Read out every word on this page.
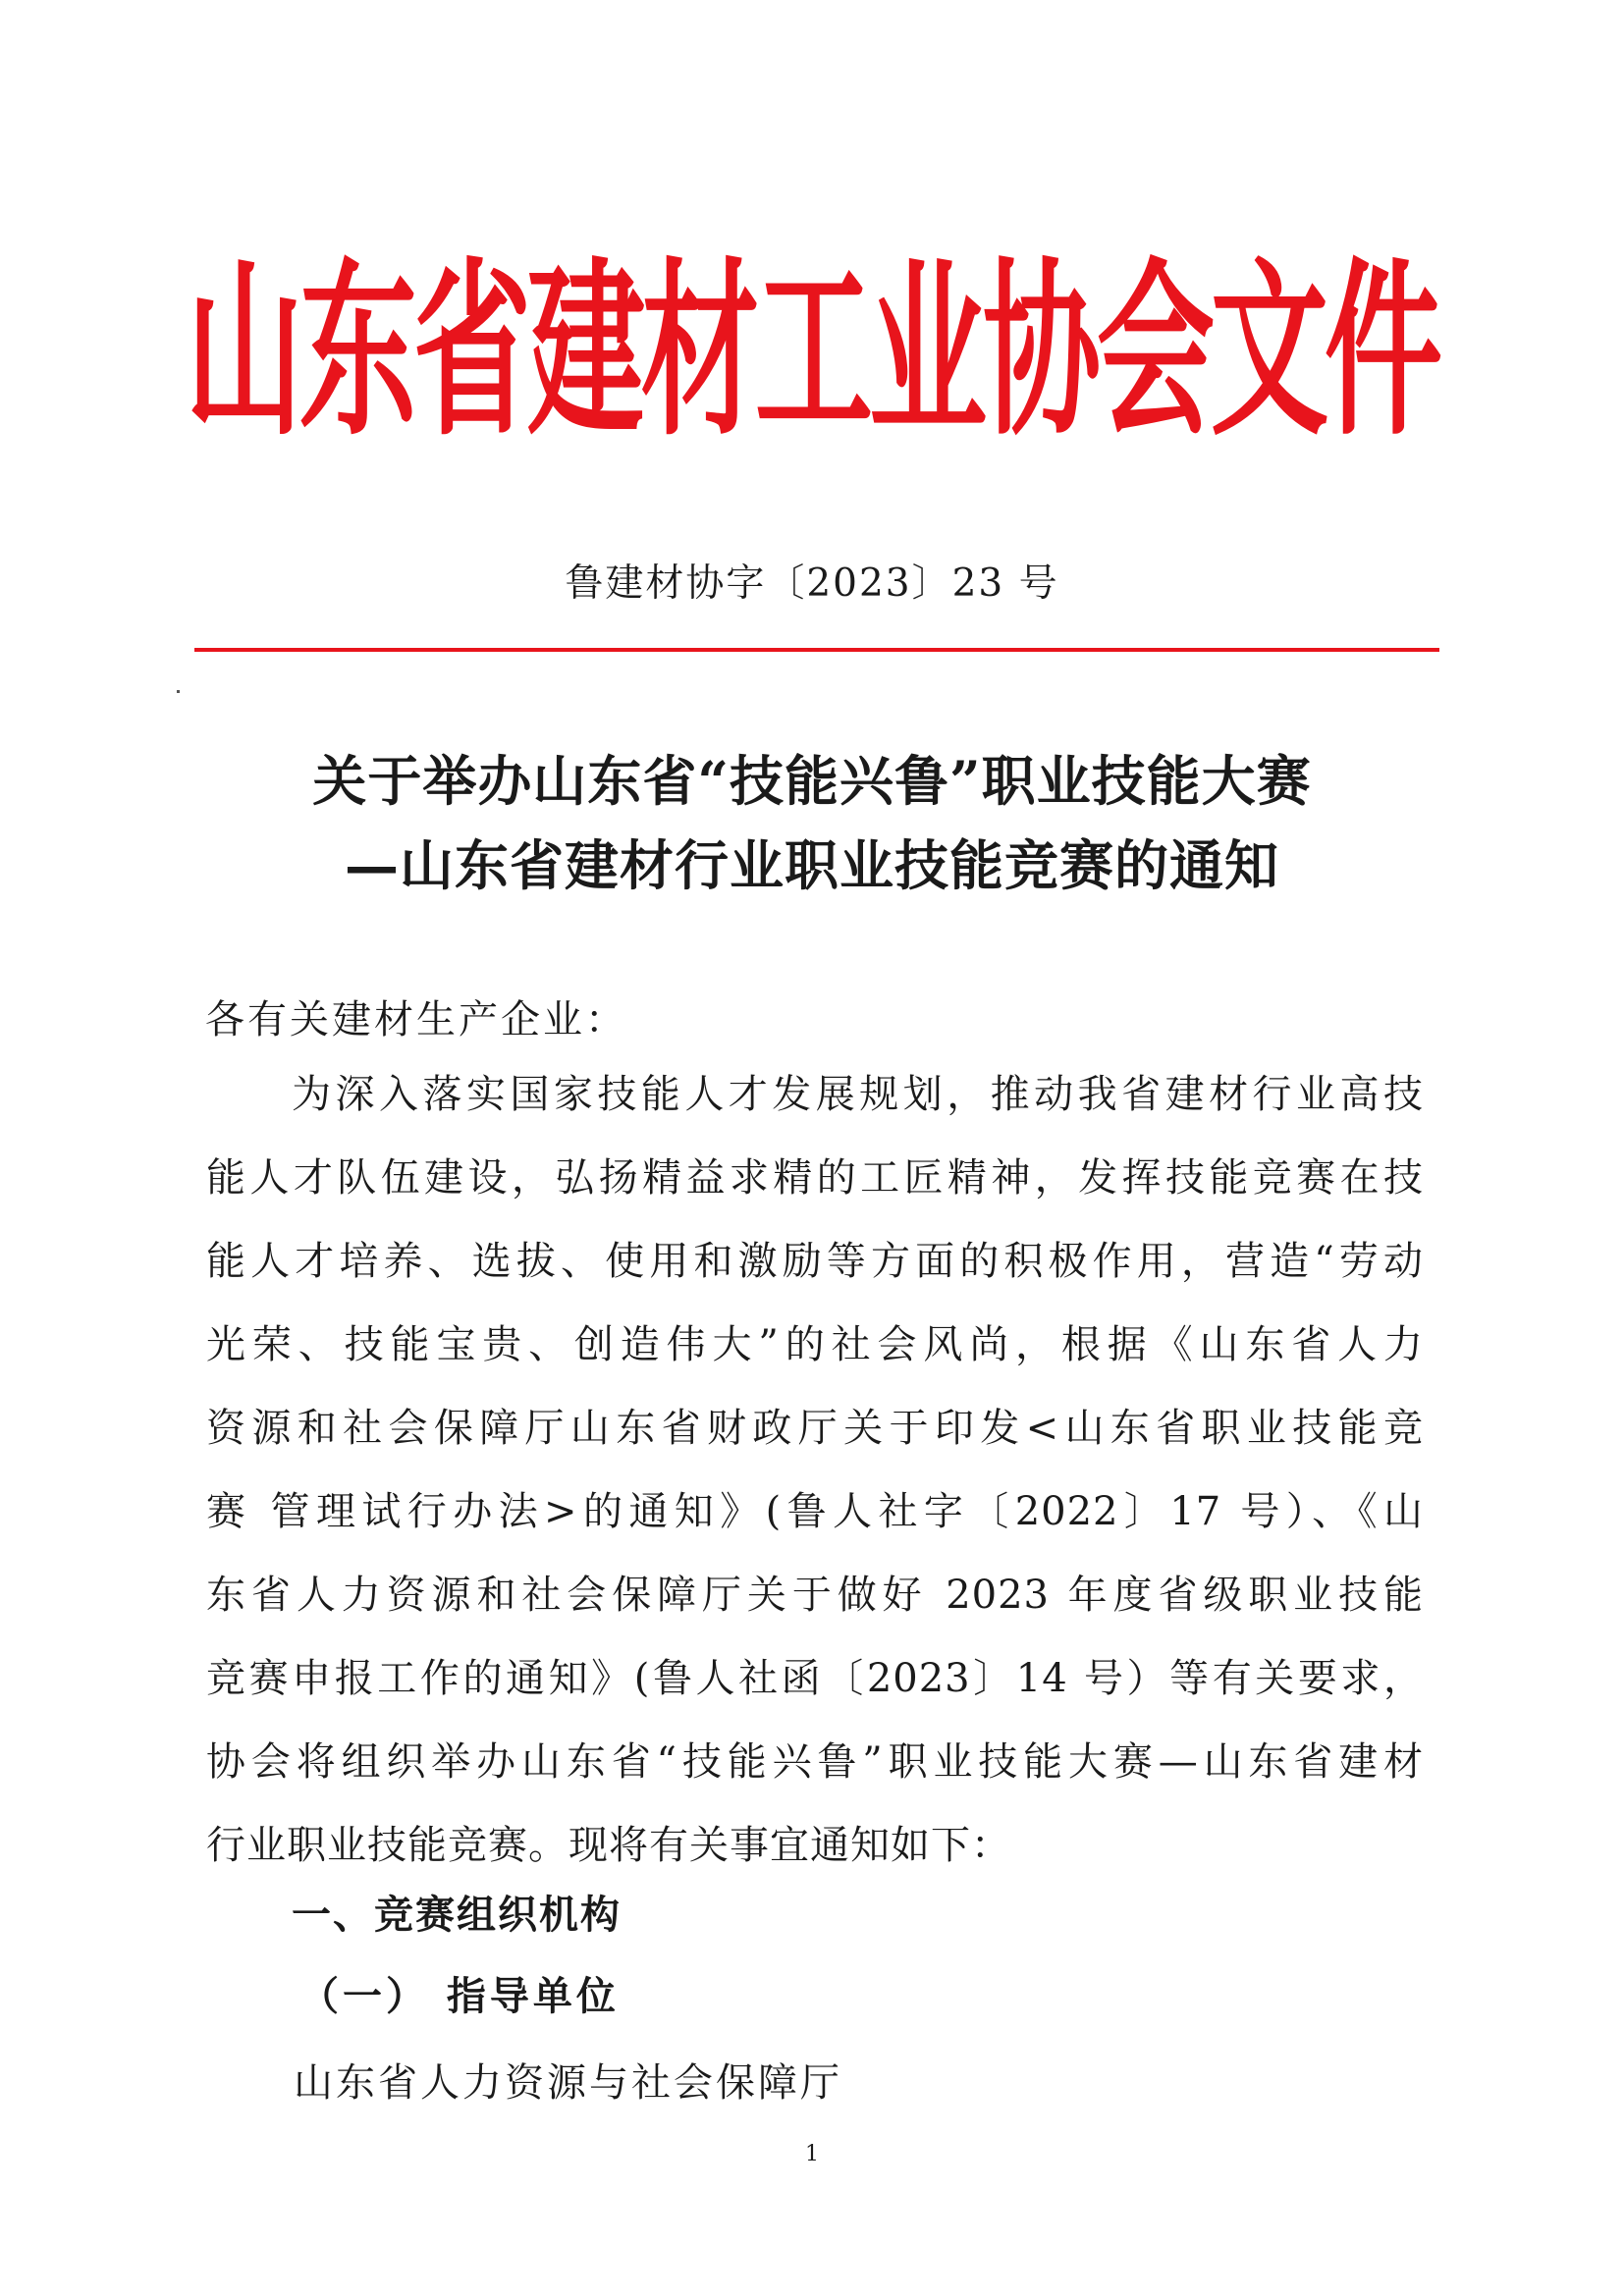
山东省建材工业协会文件
鲁建材协字〔2023〕23 号
关于举办山东省“技能兴鲁”职业技能大赛
—山东省建材行业职业技能竞赛的通知
各有关建材生产企业：
为深入落实国家技能人才发展规划，推动我省建材行业高技
能人才队伍建设，弘扬精益求精的工匠精神，发挥技能竞赛在技
能人才培养、选拔、使用和激励等方面的积极作用，营造“劳动
光荣、技能宝贵、创造伟大”的社会风尚，根据《山东省人力
资源和社会保障厅山东省财政厅关于印发<山东省职业技能竞
赛 管理试行办法>的通知》(鲁人社字〔2022〕17 号）、《山
东省人力资源和社会保障厅关于做好 2023 年度省级职业技能
竞赛申报工作的通知》(鲁人社函〔2023〕14 号）等有关要求，
协会将组织举办山东省“技能兴鲁”职业技能大赛—山东省建材
行业职业技能竞赛。现将有关事宜通知如下：
一、竞赛组织机构
（一） 指导单位
山东省人力资源与社会保障厅
1
